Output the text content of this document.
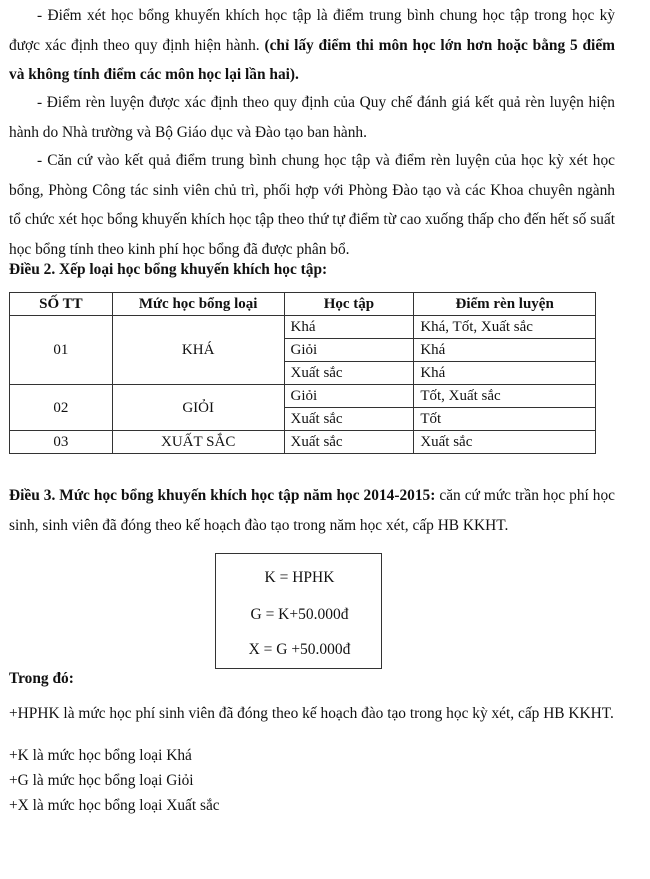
- Điểm xét học bổng khuyến khích học tập là điểm trung bình chung học tập trong học kỳ được xác định theo quy định hiện hành. (chỉ lấy điểm thi môn học lớn hơn hoặc bằng 5 điểm và không tính điểm các môn học lại lần hai).

- Điểm rèn luyện được xác định theo quy định của Quy chế đánh giá kết quả rèn luyện hiện hành do Nhà trường và Bộ Giáo dục và Đào tạo ban hành.

- Căn cứ vào kết quả điểm trung bình chung học tập và điểm rèn luyện của học kỳ xét học bổng, Phòng Công tác sinh viên chủ trì, phối hợp với Phòng Đào tạo và các Khoa chuyên ngành tổ chức xét học bổng khuyến khích học tập theo thứ tự điểm từ cao xuống thấp cho đến hết số suất học bổng tính theo kinh phí học bổng đã được phân bổ.

Điều 2. Xếp loại học bổng khuyến khích học tập:

SỐ TT	Mức học bổng loại	Học tập	Điểm rèn luyện
01	KHÁ	Khá	Khá, Tốt, Xuất sắc
		Giỏi	Khá
		Xuất sắc	Khá
02	GIỎI	Giỏi	Tốt, Xuất sắc
		Xuất sắc	Tốt
03	XUẤT SẮC	Xuất sắc	Xuất sắc

Điều 3. Mức học bổng khuyến khích học tập năm học 2014-2015: căn cứ mức trần học phí học sinh, sinh viên đã đóng theo kế hoạch đào tạo trong năm học xét, cấp HB KKHT.

K = HPHK
G = K+50.000đ
X = G +50.000đ

Trong đó:

+HPHK là mức học phí sinh viên đã đóng theo kế hoạch đào tạo trong học kỳ xét, cấp HB KKHT.

+K là mức học bổng loại Khá

+G là mức học bổng loại Giỏi

+X là mức học bổng loại Xuất sắc
